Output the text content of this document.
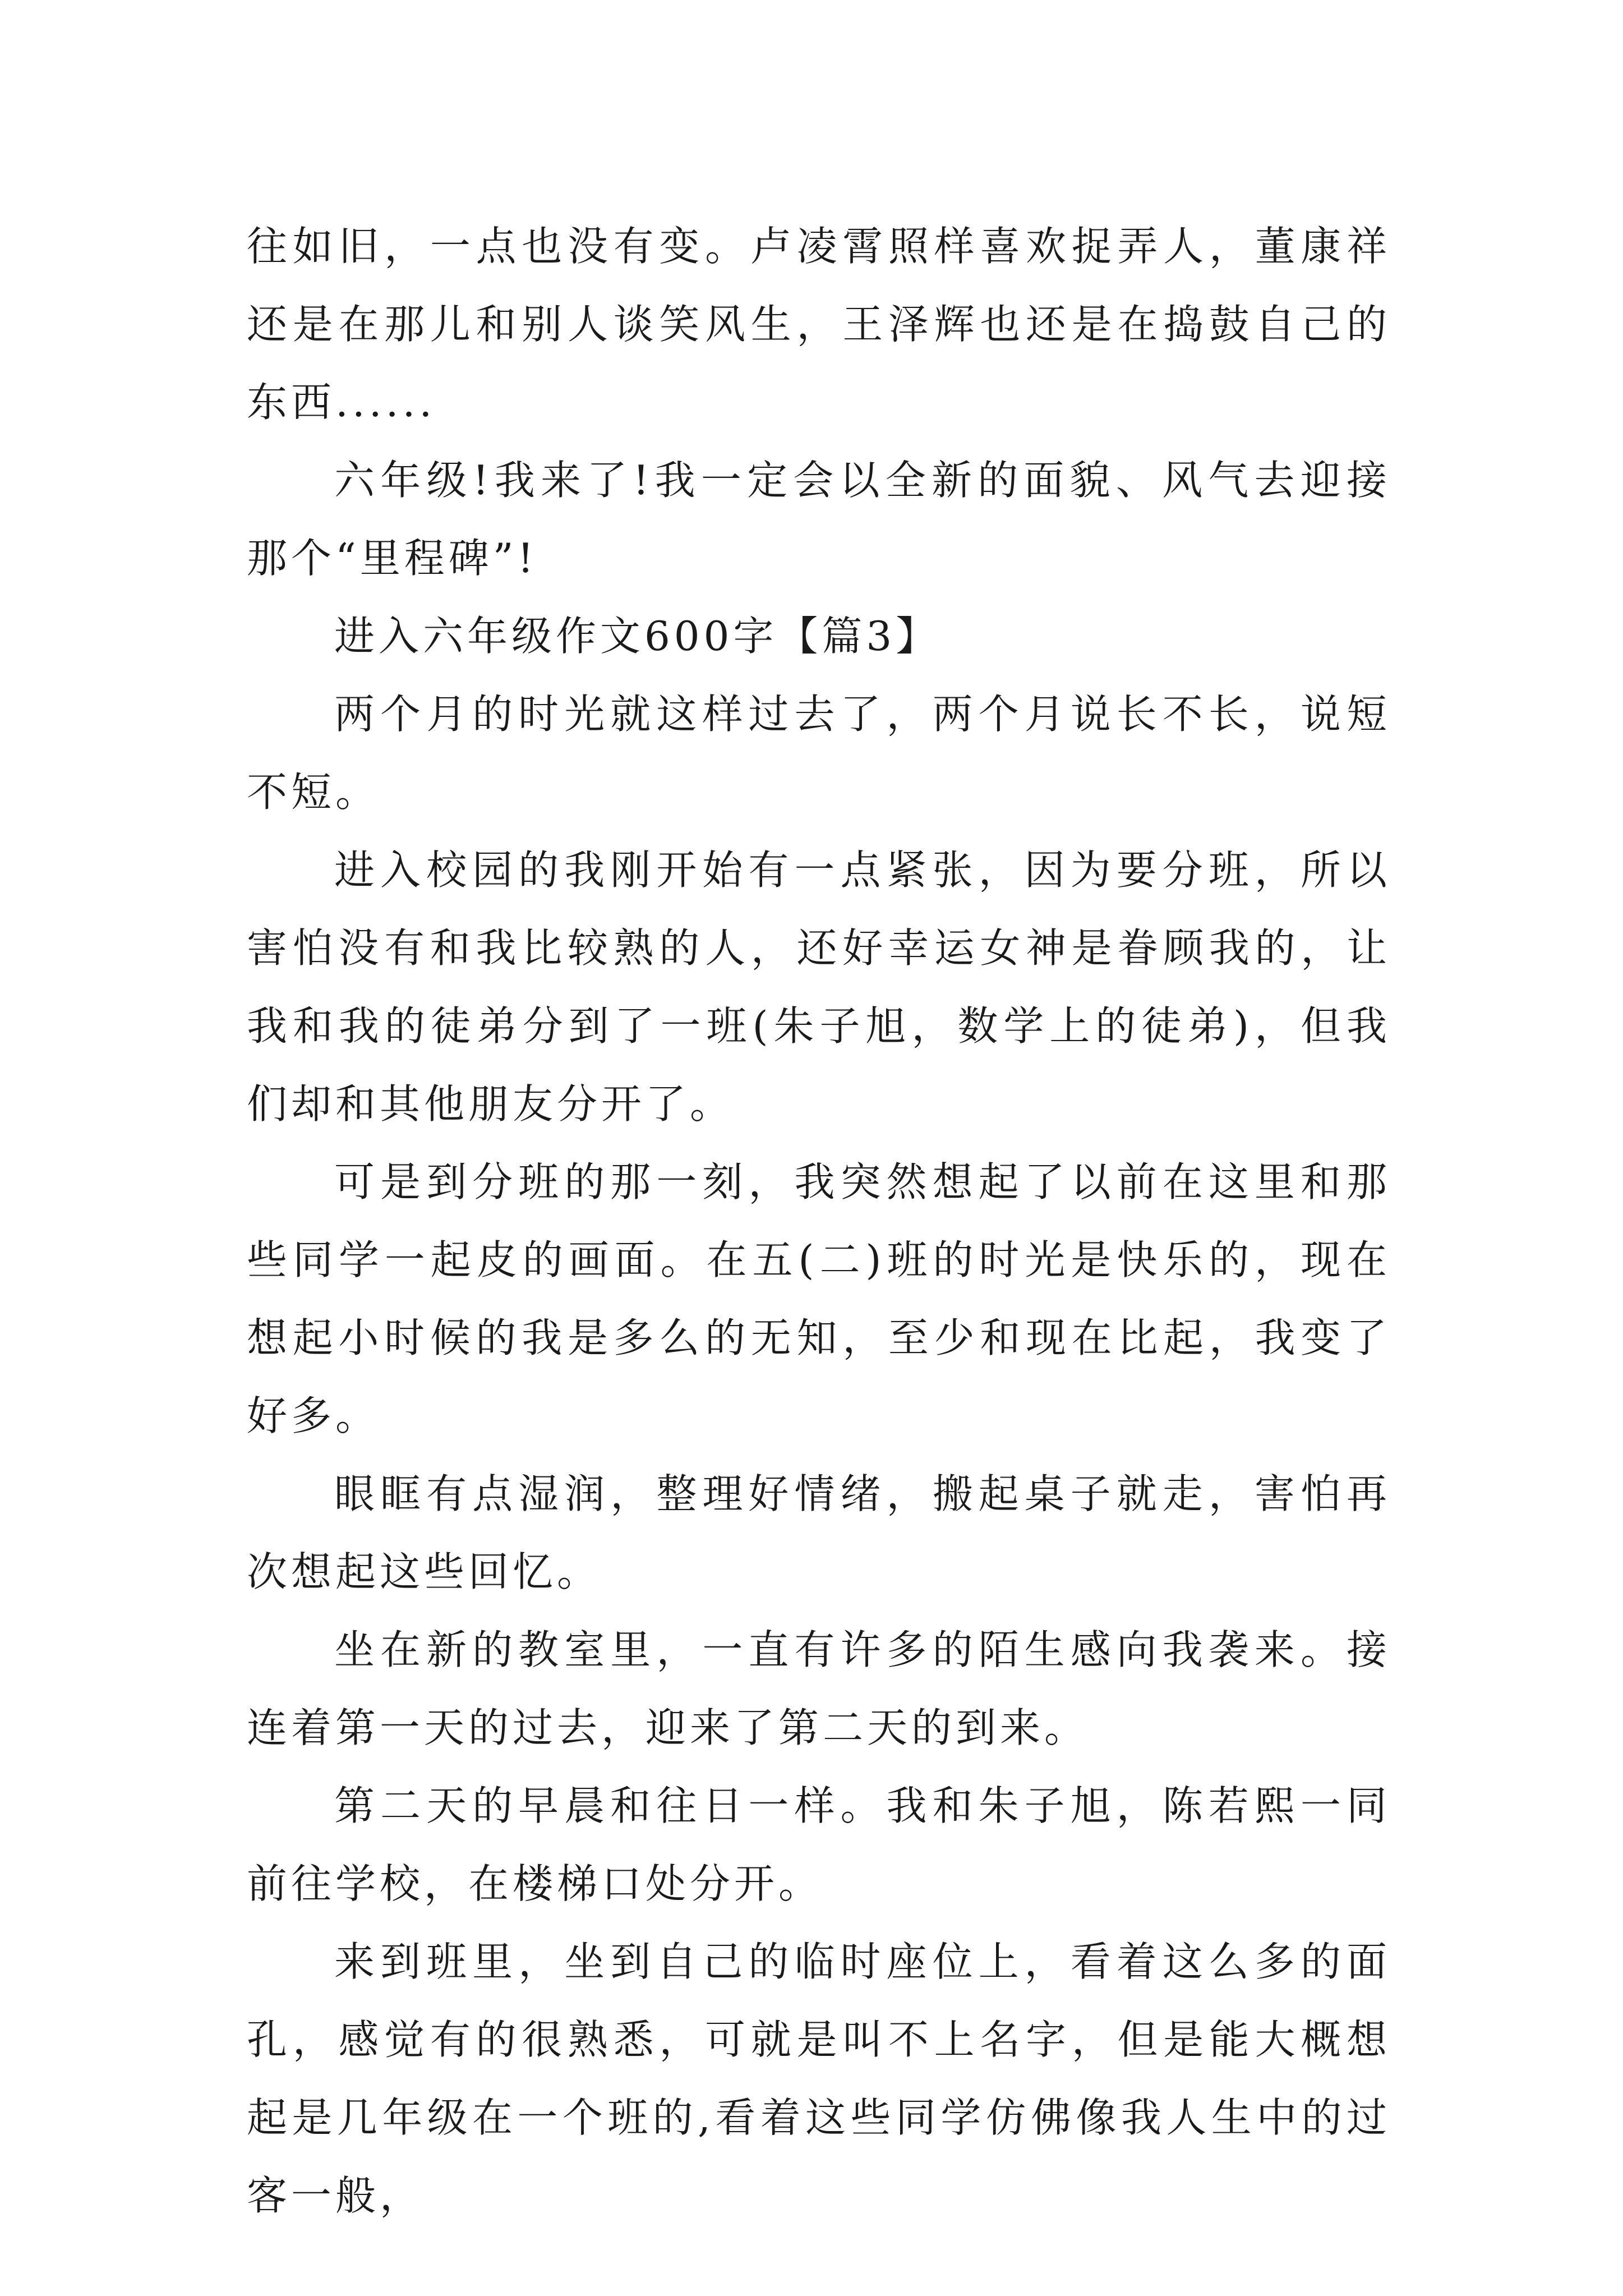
往如旧，一点也没有变。卢凌霄照样喜欢捉弄人，董康祥还是在那儿和别人谈笑风生，王泽辉也还是在捣鼓自己的东西......

六年级!我来了!我一定会以全新的面貌、风气去迎接那个“里程碑”!

进入六年级作文600字【篇3】

两个月的时光就这样过去了，两个月说长不长，说短不短。

进入校园的我刚开始有一点紧张，因为要分班，所以害怕没有和我比较熟的人，还好幸运女神是眷顾我的，让我和我的徒弟分到了一班(朱子旭，数学上的徒弟)，但我们却和其他朋友分开了。

可是到分班的那一刻，我突然想起了以前在这里和那些同学一起皮的画面。在五(二)班的时光是快乐的，现在想起小时候的我是多么的无知，至少和现在比起，我变了好多。

眼眶有点湿润，整理好情绪，搬起桌子就走，害怕再次想起这些回忆。

坐在新的教室里，一直有许多的陌生感向我袭来。接连着第一天的过去，迎来了第二天的到来。

第二天的早晨和往日一样。我和朱子旭，陈若熙一同前往学校，在楼梯口处分开。

来到班里，坐到自己的临时座位上，看着这么多的面孔，感觉有的很熟悉，可就是叫不上名字，但是能大概想起是几年级在一个班的,看着这些同学仿佛像我人生中的过客一般，
